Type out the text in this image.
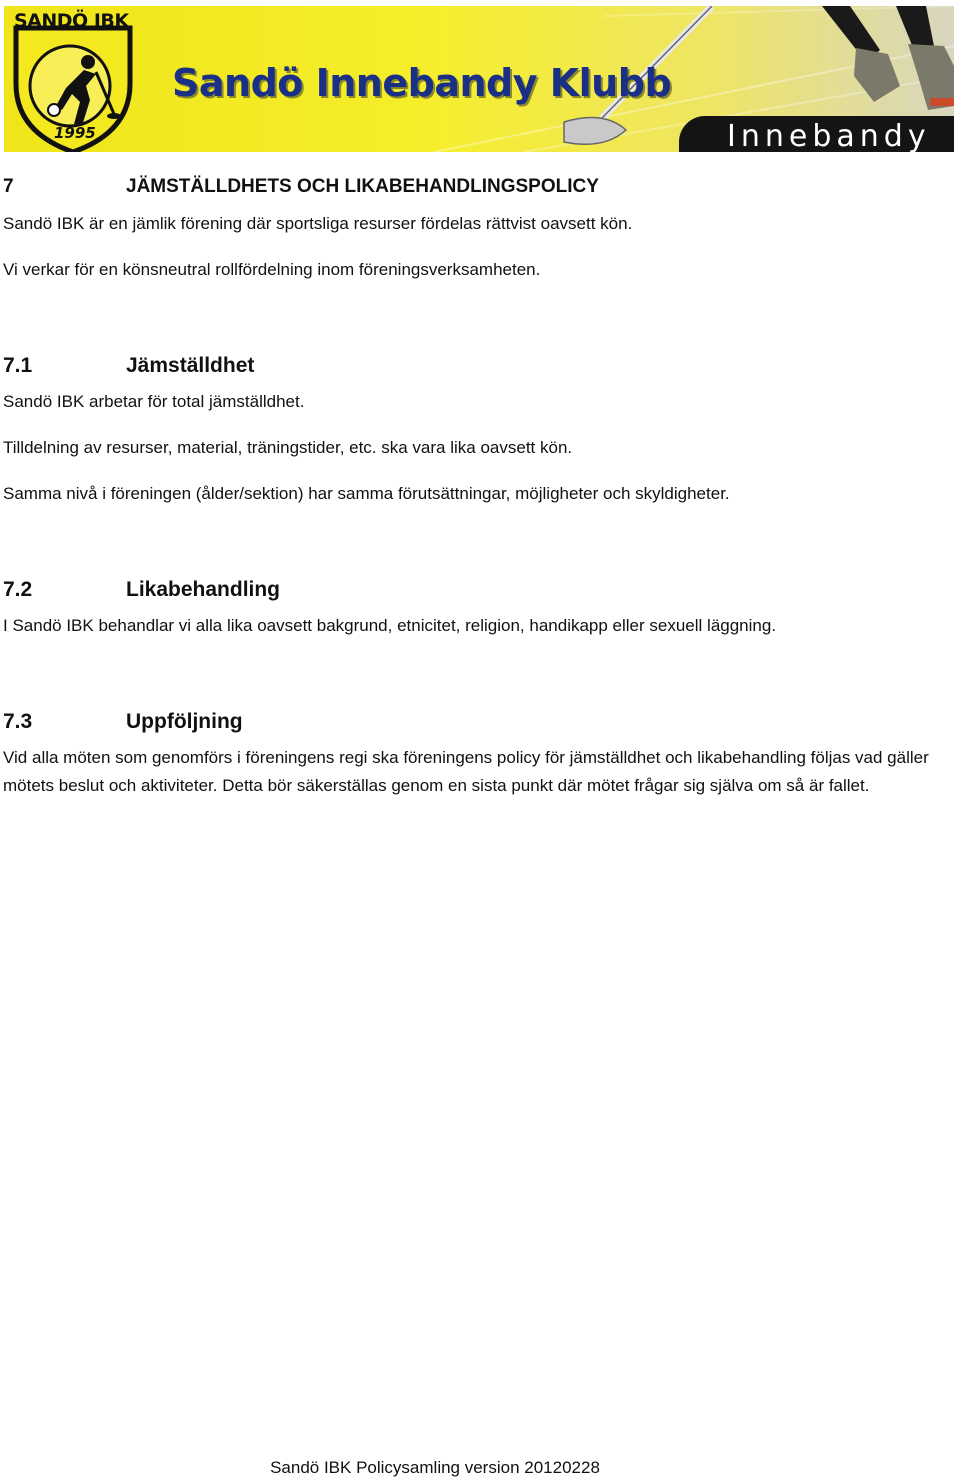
SANDÖ IBK
1995
Sandö Innebandy Klubb
Innebandy
7	JÄMSTÄLLDHETS OCH LIKABEHANDLINGSPOLICY
Sandö IBK är en jämlik förening där sportsliga resurser fördelas rättvist oavsett kön.
Vi verkar för en könsneutral rollfördelning inom föreningsverksamheten.
7.1	Jämställdhet
Sandö IBK arbetar för total jämställdhet.
Tilldelning av resurser, material, träningstider, etc. ska vara lika oavsett kön.
Samma nivå i föreningen (ålder/sektion) har samma förutsättningar, möjligheter och skyldigheter.
7.2	Likabehandling
I Sandö IBK behandlar vi alla lika oavsett bakgrund, etnicitet, religion, handikapp eller sexuell läggning.
7.3	Uppföljning
Vid alla möten som genomförs i föreningens regi ska föreningens policy för jämställdhet och likabehandling följas vad gäller mötets beslut och aktiviteter. Detta bör säkerställas genom en sista punkt där mötet frågar sig själva om så är fallet.
Sandö IBK Policysamling version 20120228
